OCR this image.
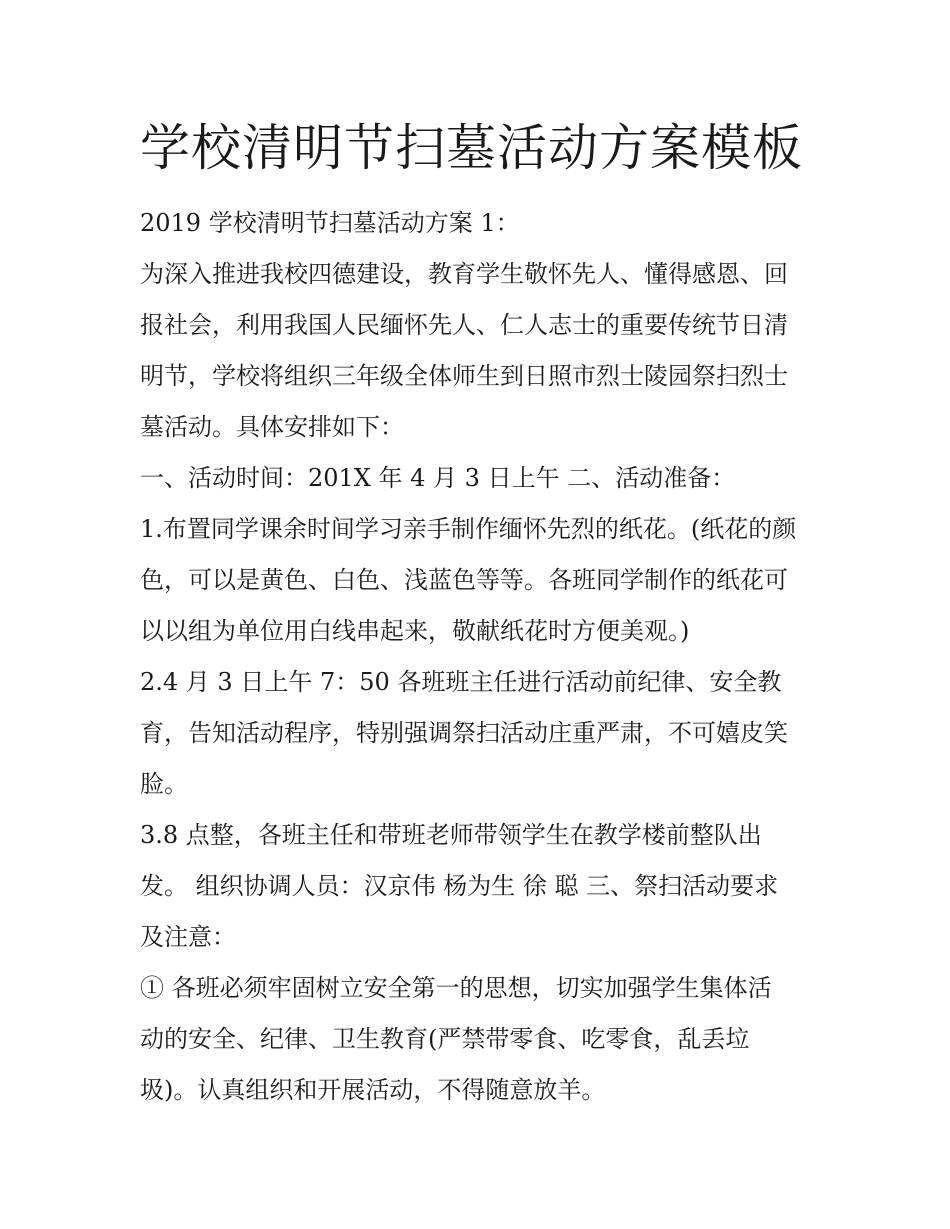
学校清明节扫墓活动方案模板

2019 学校清明节扫墓活动方案 1：

为深入推进我校四德建设，教育学生敬怀先人、懂得感恩、回

报社会，利用我国人民缅怀先人、仁人志士的重要传统节日清

明节，学校将组织三年级全体师生到日照市烈士陵园祭扫烈士

墓活动。具体安排如下：

一、活动时间：201X 年 4 月 3 日上午 二、活动准备：

1.布置同学课余时间学习亲手制作缅怀先烈的纸花。(纸花的颜

色，可以是黄色、白色、浅蓝色等等。各班同学制作的纸花可

以以组为单位用白线串起来，敬献纸花时方便美观。)

2.4 月 3 日上午 7：50 各班班主任进行活动前纪律、安全教

育，告知活动程序，特别强调祭扫活动庄重严肃，不可嬉皮笑

脸。

3.8 点整，各班主任和带班老师带领学生在教学楼前整队出

发。 组织协调人员：汉京伟 杨为生 徐 聪 三、祭扫活动要求

及注意：

① 各班必须牢固树立安全第一的思想，切实加强学生集体活

动的安全、纪律、卫生教育(严禁带零食、吃零食，乱丢垃

圾)。认真组织和开展活动，不得随意放羊。
